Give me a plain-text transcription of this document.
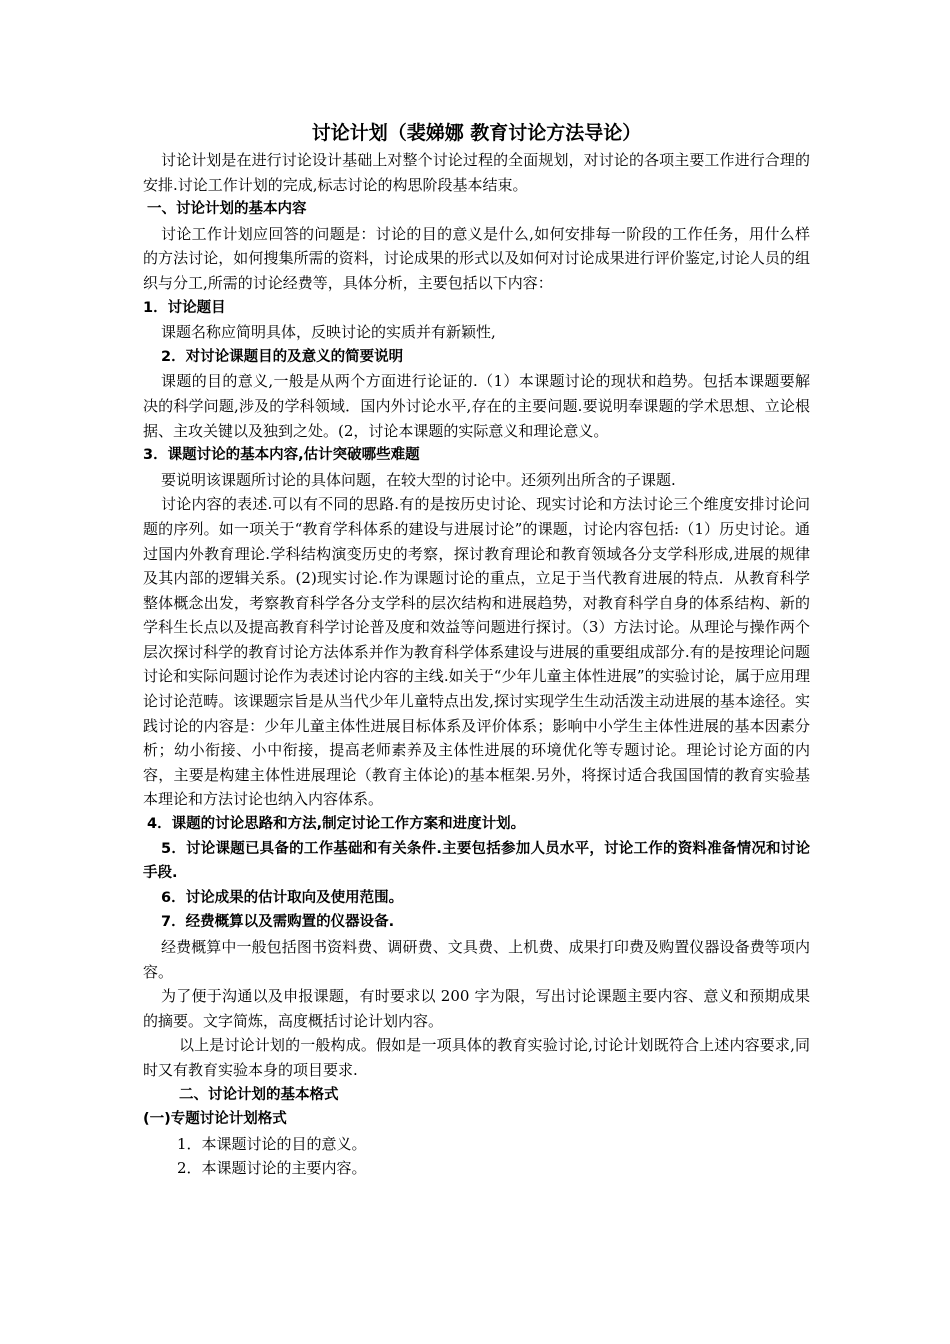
讨论计划（裴娣娜 教育讨论方法导论）

讨论计划是在进行讨论设计基础上对整个讨论过程的全面规划，对讨论的各项主要工作进行合理的安排.讨论工作计划的完成,标志讨论的构思阶段基本结束。

一、讨论计划的基本内容

讨论工作计划应回答的问题是：讨论的目的意义是什么,如何安排每一阶段的工作任务，用什么样的方法讨论，如何搜集所需的资料，讨论成果的形式以及如何对讨论成果进行评价鉴定,讨论人员的组织与分工,所需的讨论经费等，具体分析，主要包括以下内容：

1．讨论题目

课题名称应简明具体，反映讨论的实质并有新颖性,

2．对讨论课题目的及意义的简要说明

课题的目的意义,一般是从两个方面进行论证的.（1）本课题讨论的现状和趋势。包括本课题要解决的科学问题,涉及的学科领域．国内外讨论水平,存在的主要问题.要说明奉课题的学术思想、立论根据、主攻关键以及独到之处。(2，讨论本课题的实际意义和理论意义。

3．课题讨论的基本内容,估计突破哪些难题

要说明该课题所讨论的具体问题，在较大型的讨论中。还须列出所含的子课题.

讨论内容的表述.可以有不同的思路.有的是按历史讨论、现实讨论和方法讨论三个维度安排讨论问题的序列。如一项关于“教育学科体系的建设与进展讨论”的课题，讨论内容包括:（1）历史讨论。通过国内外教育理论.学科结构演变历史的考察，探讨教育理论和教育领域各分支学科形成,进展的规律及其内部的逻辑关系。(2)现实讨论.作为课题讨论的重点，立足于当代教育进展的特点．从教育科学整体概念出发，考察教育科学各分支学科的层次结构和进展趋势，对教育科学自身的体系结构、新的学科生长点以及提高教育科学讨论普及度和效益等问题进行探讨。（3）方法讨论。从理论与操作两个层次探讨科学的教育讨论方法体系并作为教育科学体系建设与进展的重要组成部分.有的是按理论问题讨论和实际问题讨论作为表述讨论内容的主线.如关于“少年儿童主体性进展”的实验讨论，属于应用理论讨论范畴。该课题宗旨是从当代少年儿童特点出发,探讨实现学生生动活泼主动进展的基本途径。实践讨论的内容是：少年儿童主体性进展目标体系及评价体系；影响中小学生主体性进展的基本因素分析；幼小衔接、小中衔接，提高老师素养及主体性进展的环境优化等专题讨论。理论讨论方面的内容，主要是构建主体性进展理论（教育主体论)的基本框架.另外，将探讨适合我国国情的教育实验基本理论和方法讨论也纳入内容体系。

4．课题的讨论思路和方法,制定讨论工作方案和进度计划。

5．讨论课题已具备的工作基础和有关条件.主要包括参加人员水平，讨论工作的资料准备情况和讨论手段.

6．讨论成果的估计取向及使用范围。

7．经费概算以及需购置的仪器设备.

经费概算中一般包括图书资料费、调研费、文具费、上机费、成果打印费及购置仪器设备费等项内容。

为了便于沟通以及申报课题，有时要求以 200 字为限，写出讨论课题主要内容、意义和预期成果的摘要。文字简炼，高度概括讨论计划内容。

以上是讨论计划的一般构成。假如是一项具体的教育实验讨论,讨论计划既符合上述内容要求,同时又有教育实验本身的项目要求.

二、讨论计划的基本格式

(一)专题讨论计划格式

1．本课题讨论的目的意义。

2．本课题讨论的主要内容。
